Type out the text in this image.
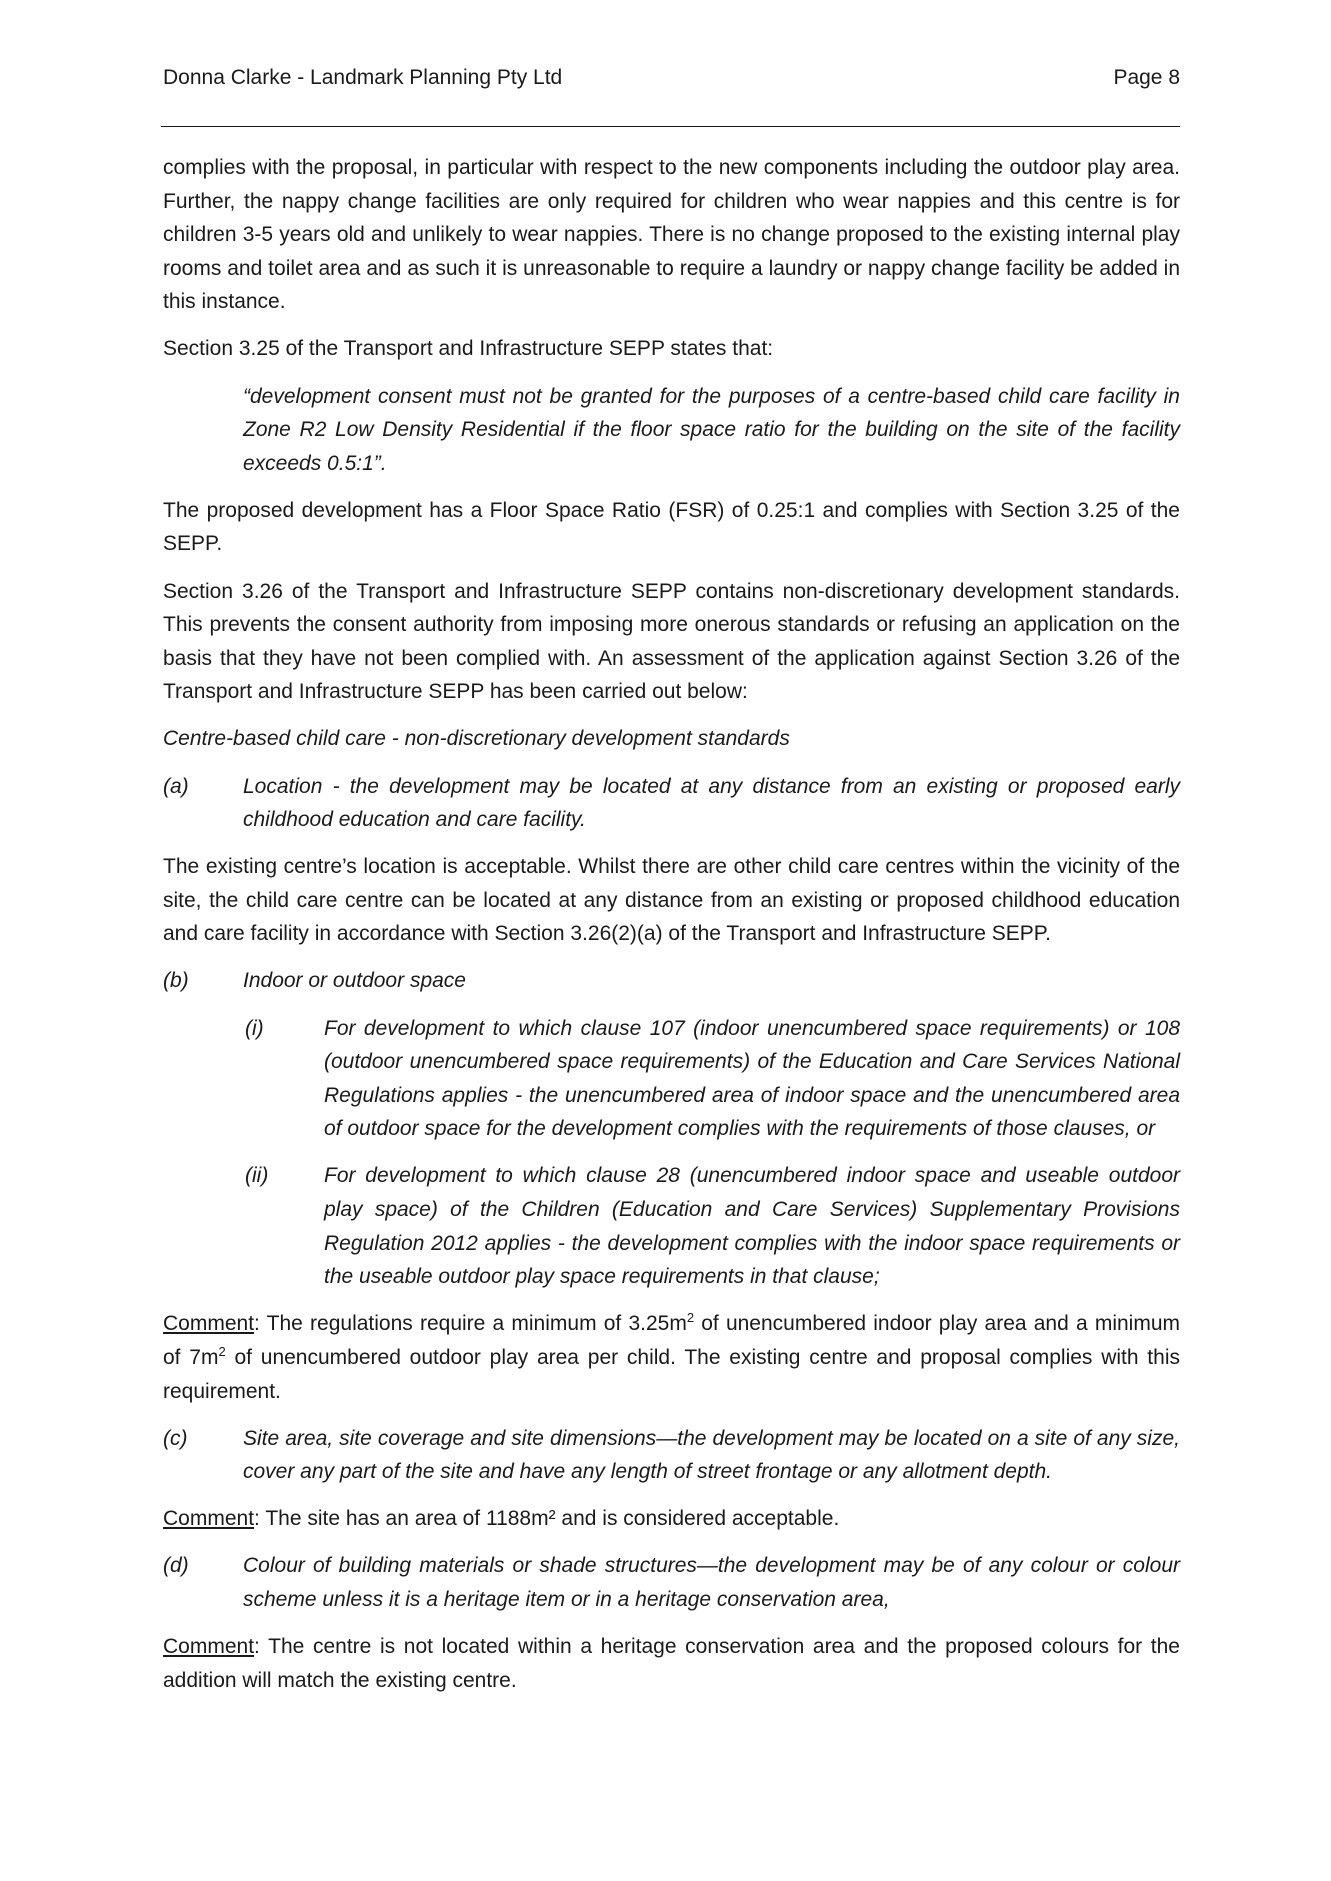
Donna Clarke - Landmark Planning Pty Ltd	Page 8

complies with the proposal, in particular with respect to the new components including the outdoor play area. Further, the nappy change facilities are only required for children who wear nappies and this centre is for children 3-5 years old and unlikely to wear nappies. There is no change proposed to the existing internal play rooms and toilet area and as such it is unreasonable to require a laundry or nappy change facility be added in this instance.

Section 3.25 of the Transport and Infrastructure SEPP states that:

“development consent must not be granted for the purposes of a centre-based child care facility in Zone R2 Low Density Residential if the floor space ratio for the building on the site of the facility exceeds 0.5:1”.

The proposed development has a Floor Space Ratio (FSR) of 0.25:1 and complies with Section 3.25 of the SEPP.

Section 3.26 of the Transport and Infrastructure SEPP contains non-discretionary development standards. This prevents the consent authority from imposing more onerous standards or refusing an application on the basis that they have not been complied with. An assessment of the application against Section 3.26 of the Transport and Infrastructure SEPP has been carried out below:

Centre-based child care - non-discretionary development standards

(a)	Location - the development may be located at any distance from an existing or proposed early childhood education and care facility.

The existing centre’s location is acceptable. Whilst there are other child care centres within the vicinity of the site, the child care centre can be located at any distance from an existing or proposed childhood education and care facility in accordance with Section 3.26(2)(a) of the Transport and Infrastructure SEPP.

(b)	Indoor or outdoor space
(i)	For development to which clause 107 (indoor unencumbered space requirements) or 108 (outdoor unencumbered space requirements) of the Education and Care Services National Regulations applies - the unencumbered area of indoor space and the unencumbered area of outdoor space for the development complies with the requirements of those clauses, or
(ii)	For development to which clause 28 (unencumbered indoor space and useable outdoor play space) of the Children (Education and Care Services) Supplementary Provisions Regulation 2012 applies - the development complies with the indoor space requirements or the useable outdoor play space requirements in that clause;

Comment: The regulations require a minimum of $3.25m^2$ of unencumbered indoor play area and a minimum of $7m^2$ of unencumbered outdoor play area per child. The existing centre and proposal complies with this requirement.

(c)	Site area, site coverage and site dimensions—the development may be located on a site of any size, cover any part of the site and have any length of street frontage or any allotment depth.

Comment: The site has an area of 1188m² and is considered acceptable.

(d)	Colour of building materials or shade structures—the development may be of any colour or colour scheme unless it is a heritage item or in a heritage conservation area,

Comment: The centre is not located within a heritage conservation area and the proposed colours for the addition will match the existing centre.
